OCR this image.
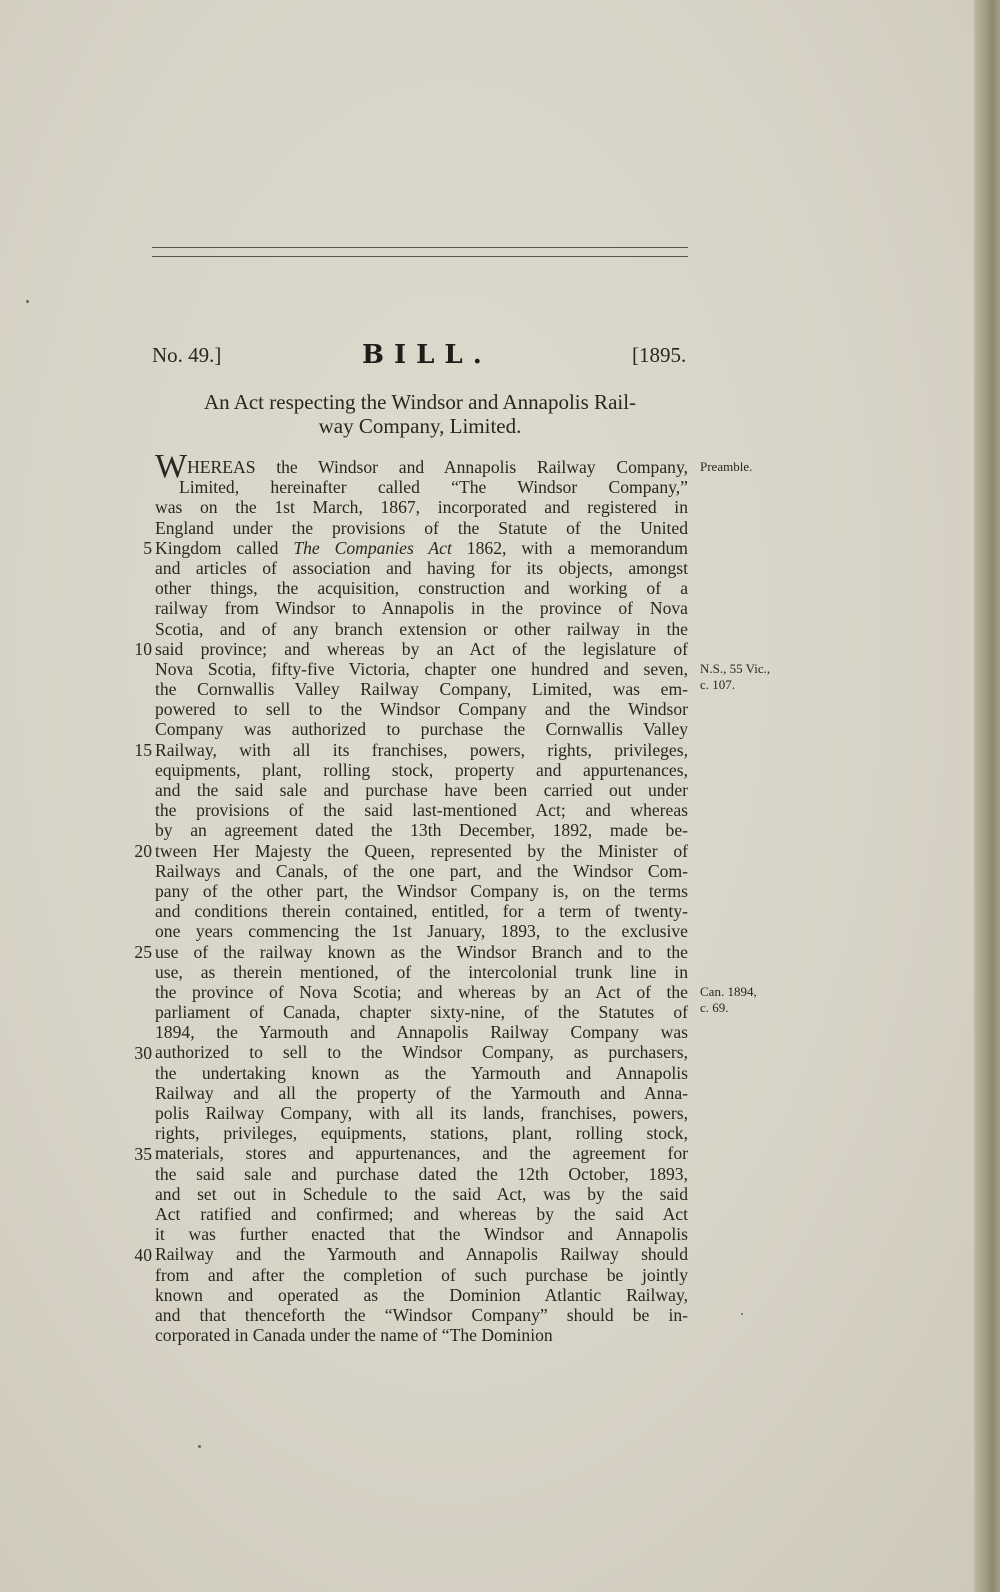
No. 49.]	BILL.	[1895.
An Act respecting the Windsor and Annapolis Rail-
way Company, Limited.
Preamble.
N.S., 55 Vic.,
c. 107.
Can. 1894,
c. 69.
5
10
15
20
25
30
35
40
WHEREAS the Windsor and Annapolis Railway Company,
Limited, hereinafter called “The Windsor Company,”
was on the 1st March, 1867, incorporated and registered in
England under the provisions of the Statute of the United
Kingdom called The Companies Act 1862, with a memorandum
and articles of association and having for its objects, amongst
other things, the acquisition, construction and working of a
railway from Windsor to Annapolis in the province of Nova
Scotia, and of any branch extension or other railway in the
said province; and whereas by an Act of the legislature of
Nova Scotia, fifty-five Victoria, chapter one hundred and seven,
the Cornwallis Valley Railway Company, Limited, was em-
powered to sell to the Windsor Company and the Windsor
Company was authorized to purchase the Cornwallis Valley
Railway, with all its franchises, powers, rights, privileges,
equipments, plant, rolling stock, property and appurtenances,
and the said sale and purchase have been carried out under
the provisions of the said last-mentioned Act; and whereas
by an agreement dated the 13th December, 1892, made be-
tween Her Majesty the Queen, represented by the Minister of
Railways and Canals, of the one part, and the Windsor Com-
pany of the other part, the Windsor Company is, on the terms
and conditions therein contained, entitled, for a term of twenty-
one years commencing the 1st January, 1893, to the exclusive
use of the railway known as the Windsor Branch and to the
use, as therein mentioned, of the intercolonial trunk line in
the province of Nova Scotia; and whereas by an Act of the
parliament of Canada, chapter sixty-nine, of the Statutes of
1894, the Yarmouth and Annapolis Railway Company was
authorized to sell to the Windsor Company, as purchasers,
the undertaking known as the Yarmouth and Annapolis
Railway and all the property of the Yarmouth and Anna-
polis Railway Company, with all its lands, franchises, powers,
rights, privileges, equipments, stations, plant, rolling stock,
materials, stores and appurtenances, and the agreement for
the said sale and purchase dated the 12th October, 1893,
and set out in Schedule to the said Act, was by the said
Act ratified and confirmed; and whereas by the said Act
it was further enacted that the Windsor and Annapolis
Railway and the Yarmouth and Annapolis Railway should
from and after the completion of such purchase be jointly
known and operated as the Dominion Atlantic Railway,
and that thenceforth the “Windsor Company” should be in-
corporated in Canada under the name of “The Dominion
